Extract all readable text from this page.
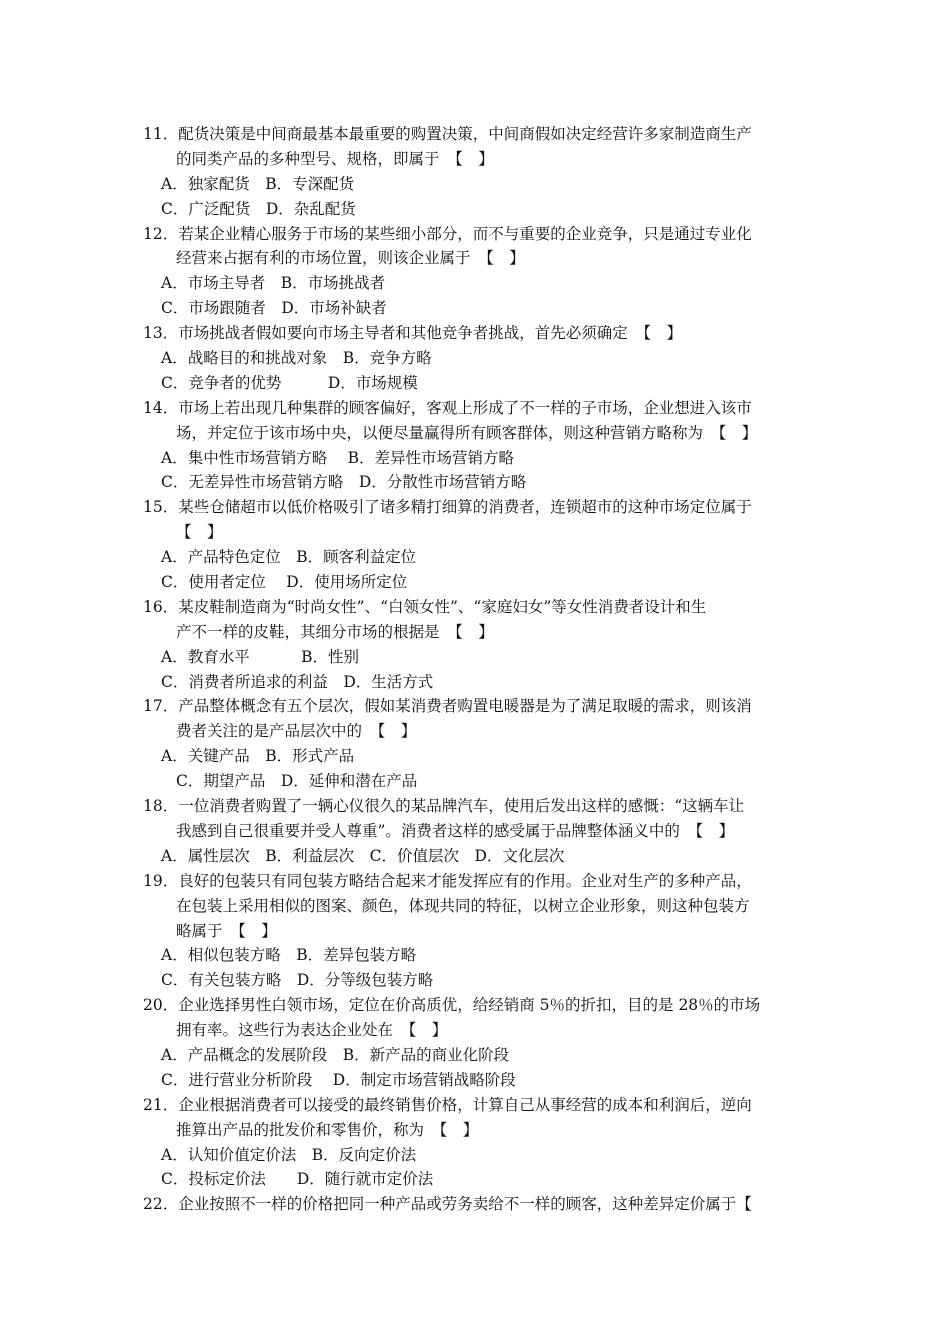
11．配货决策是中间商最基本最重要的购置决策，中间商假如决定经营许多家制造商生产
的同类产品的多种型号、规格，即属于　【　】
A．独家配货　B．专深配货
C．广泛配货　D．杂乱配货
12．若某企业精心服务于市场的某些细小部分，而不与重要的企业竞争，只是通过专业化
经营来占据有利的市场位置，则该企业属于　【　】
A．市场主导者　B．市场挑战者
C．市场跟随者　D．市场补缺者
13．市场挑战者假如要向市场主导者和其他竞争者挑战，首先必须确定　【　】
A．战略目的和挑战对象　B．竞争方略
C．竞争者的优势　　　D．市场规模
14．市场上若出现几种集群的顾客偏好，客观上形成了不一样的子市场，企业想进入该市
场，并定位于该市场中央，以便尽量赢得所有顾客群体，则这种营销方略称为　【　】
A．集中性市场营销方略　 B．差异性市场营销方略
C．无差异性市场营销方略　D．分散性市场营销方略
15．某些仓储超市以低价格吸引了诸多精打细算的消费者，连锁超市的这种市场定位属于
【　】
A．产品特色定位　B．顾客利益定位
C．使用者定位　 D．使用场所定位
16．某皮鞋制造商为“时尚女性”、“白领女性”、“家庭妇女”等女性消费者设计和生
产不一样的皮鞋，其细分市场的根据是　【　】
A．教育水平　　　 B．性别
C．消费者所追求的利益　D．生活方式
17．产品整体概念有五个层次，假如某消费者购置电暖器是为了满足取暖的需求，则该消
费者关注的是产品层次中的　【　】
A．关键产品　B．形式产品
C．期望产品　D．延伸和潜在产品
18．一位消费者购置了一辆心仪很久的某品牌汽车，使用后发出这样的感慨：“这辆车让
我感到自己很重要并受人尊重”。消费者这样的感受属于品牌整体涵义中的　【　】
A．属性层次　B．利益层次　C．价值层次　D．文化层次
19．良好的包装只有同包装方略结合起来才能发挥应有的作用。企业对生产的多种产品，
在包装上采用相似的图案、颜色，体现共同的特征，以树立企业形象，则这种包装方
略属于　【　】
A．相似包装方略　B．差异包装方略
C．有关包装方略　D．分等级包装方略
20．企业选择男性白领市场，定位在价高质优，给经销商 5％的折扣，目的是 28％的市场
拥有率。这些行为表达企业处在　【　】
A．产品概念的发展阶段　B．新产品的商业化阶段
C．进行营业分析阶段　 D．制定市场营销战略阶段
21．企业根据消费者可以接受的最终销售价格，计算自己从事经营的成本和利润后，逆向
推算出产品的批发价和零售价，称为　【　】
A．认知价值定价法　B．反向定价法
C．投标定价法　　D．随行就市定价法
22．企业按照不一样的价格把同一种产品或劳务卖给不一样的顾客，这种差异定价属于【
